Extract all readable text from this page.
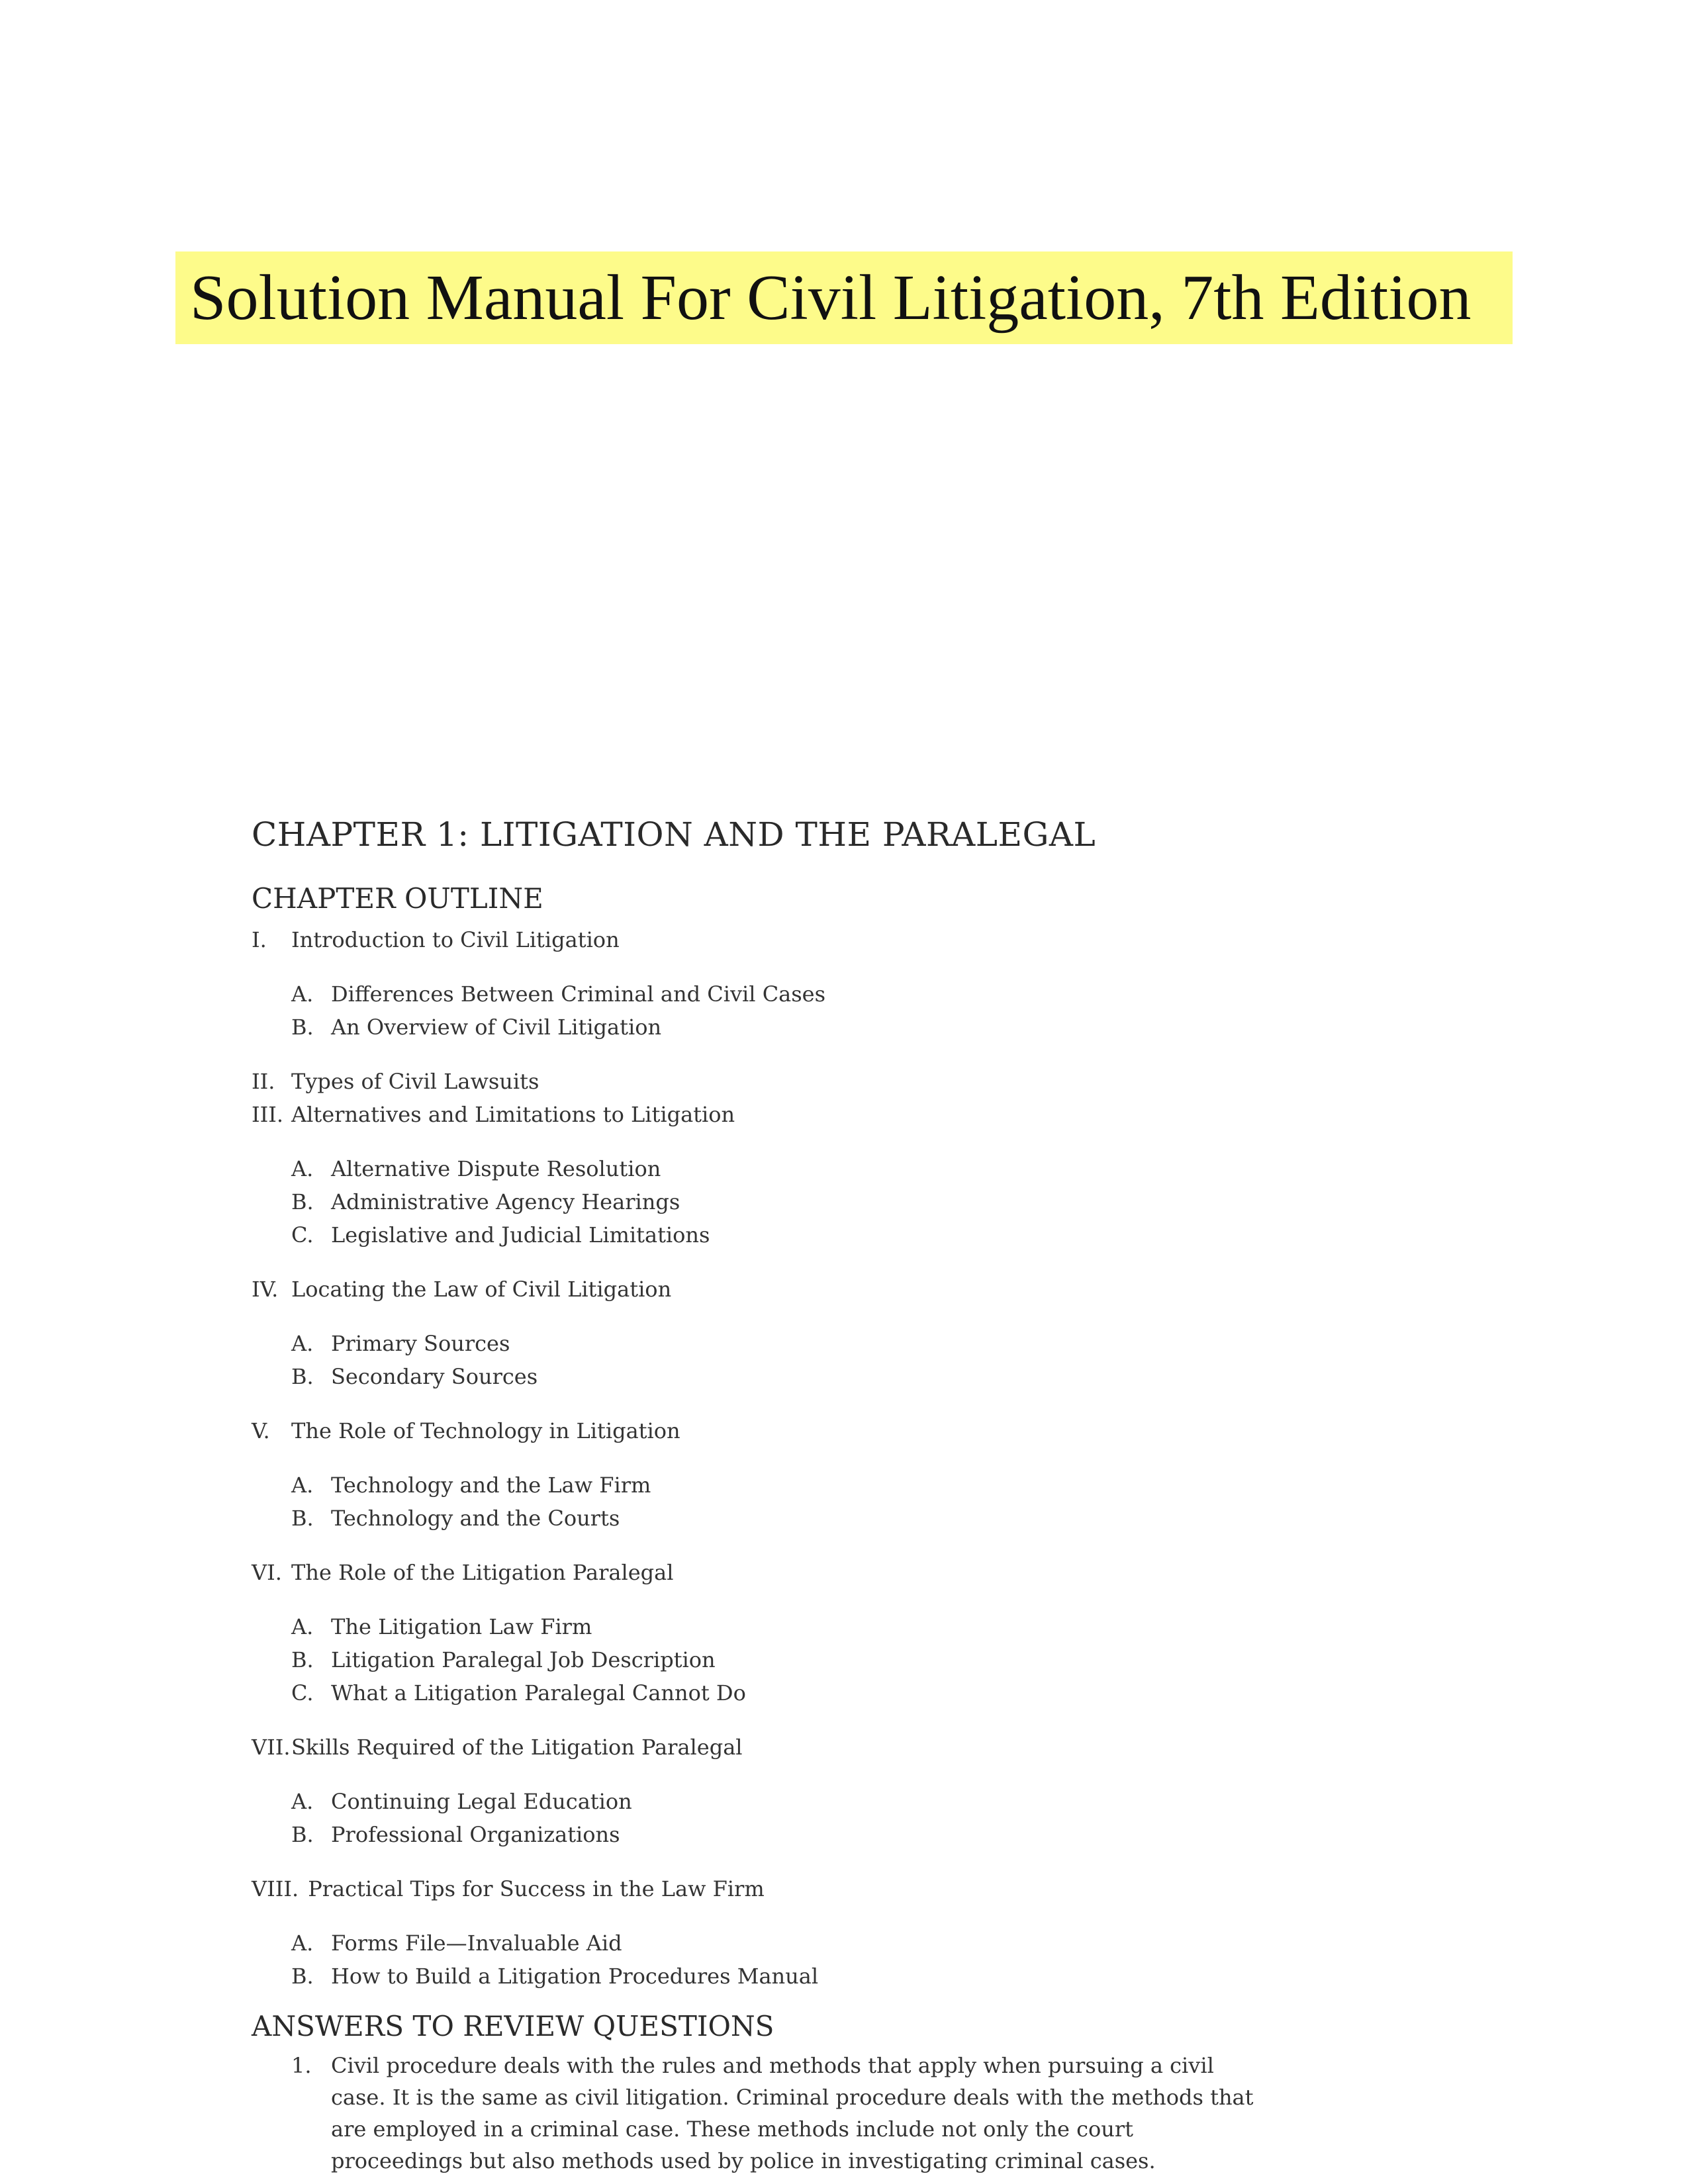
Solution Manual For Civil Litigation, 7th Edition
CHAPTER 1: LITIGATION AND THE PARALEGAL
CHAPTER OUTLINE
I. Introduction to Civil Litigation
A. Differences Between Criminal and Civil Cases
B. An Overview of Civil Litigation
II. Types of Civil Lawsuits
III. Alternatives and Limitations to Litigation
A. Alternative Dispute Resolution
B. Administrative Agency Hearings
C. Legislative and Judicial Limitations
IV. Locating the Law of Civil Litigation
A. Primary Sources
B. Secondary Sources
V. The Role of Technology in Litigation
A. Technology and the Law Firm
B. Technology and the Courts
VI. The Role of the Litigation Paralegal
A. The Litigation Law Firm
B. Litigation Paralegal Job Description
C. What a Litigation Paralegal Cannot Do
VII.Skills Required of the Litigation Paralegal
A. Continuing Legal Education
B. Professional Organizations
VIII. Practical Tips for Success in the Law Firm
A. Forms File—Invaluable Aid
B. How to Build a Litigation Procedures Manual
ANSWERS TO REVIEW QUESTIONS
1. Civil procedure deals with the rules and methods that apply when pursuing a civil case. It is the same as civil litigation. Criminal procedure deals with the methods that are employed in a criminal case. These methods include not only the court proceedings but also methods used by police in investigating criminal cases.
